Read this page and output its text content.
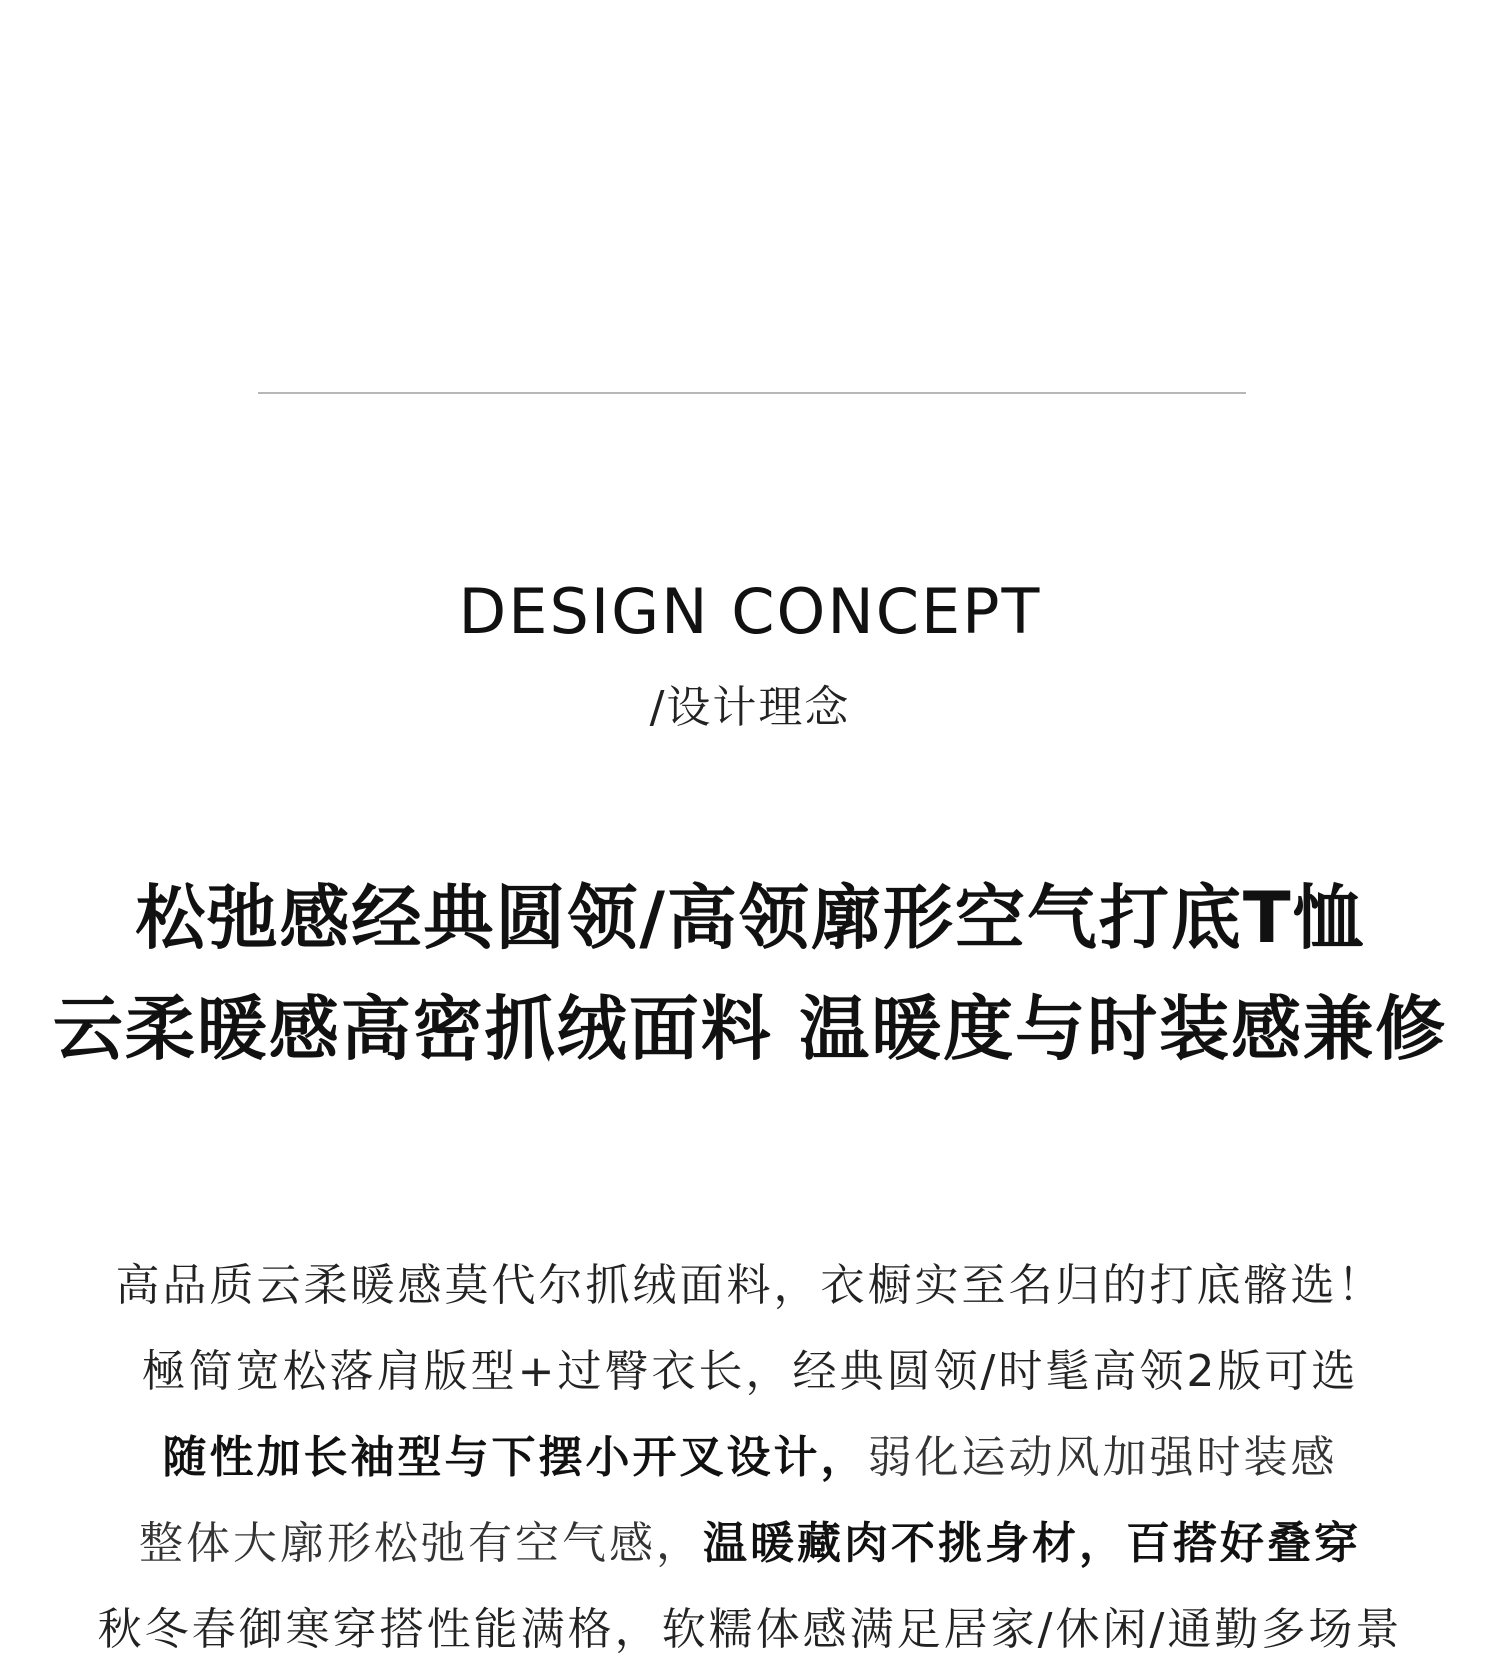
DESIGN CONCEPT
/设计理念
松弛感经典圆领/高领廓形空气打底T恤
云柔暖感高密抓绒面料 温暖度与时装感兼修
高品质云柔暖感莫代尔抓绒面料，衣橱实至名归的打底髂选！
極简宽松落肩版型+过臀衣长，经典圆领/时髦高领2版可选
随性加长袖型与下摆小开叉设计，弱化运动风加强时装感
整体大廓形松弛有空气感，温暖藏肉不挑身材，百搭好叠穿
秋冬春御寒穿搭性能满格，软糯体感满足居家/休闲/通勤多场景
